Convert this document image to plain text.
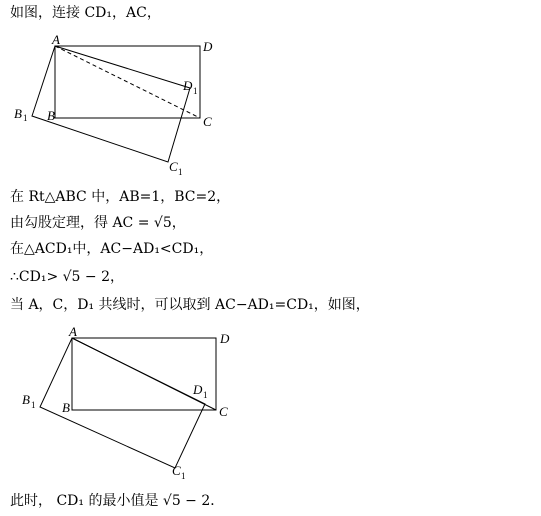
如图，连接 CD₁，AC，
在 Rt△ABC 中，AB=1，BC=2，
由勾股定理，得 AC = √5，
在△ACD₁中，AC−AD₁<CD₁，
∴CD₁> √5 − 2，
当 A，C，D₁ 共线时，可以取到 AC−AD₁=CD₁，如图，
此时， CD₁ 的最小值是 √5 − 2．
A	D
B	C
B 1
C 1
D 1
A	D
B	C
B 1
C 1
D 1
